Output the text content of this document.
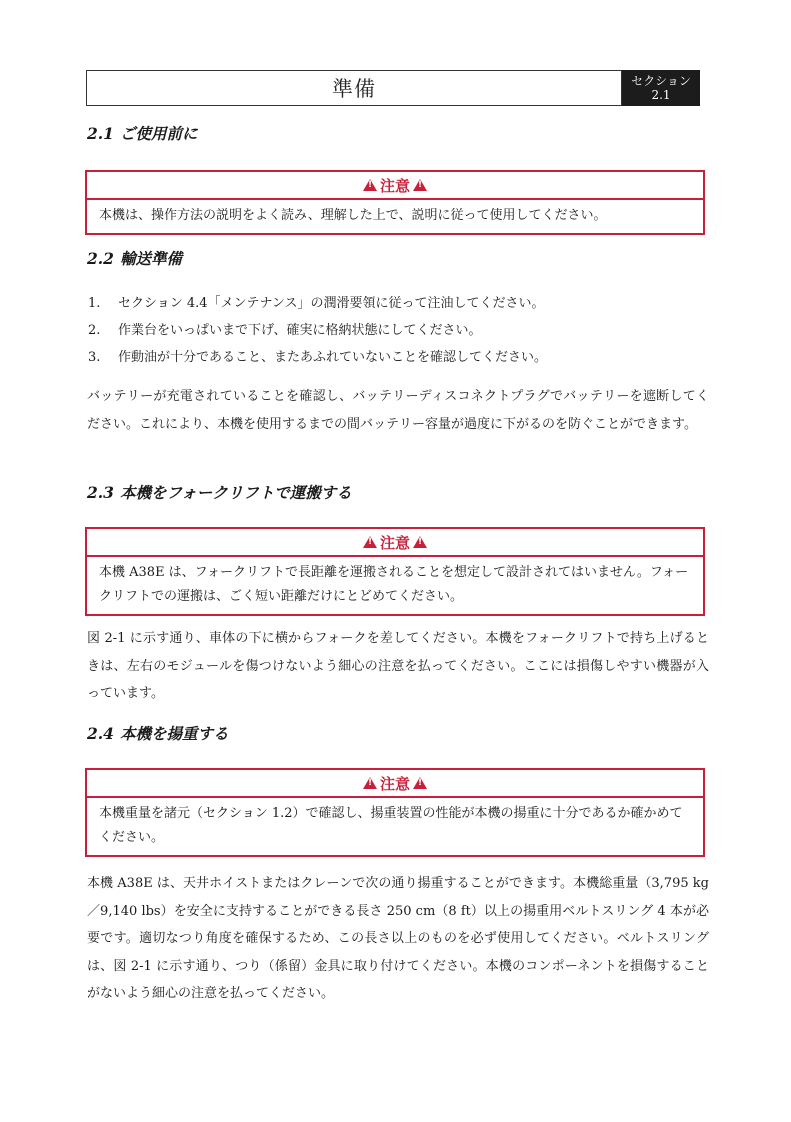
準備	セクション
2.1
2.1 ご使用前に
!
注意
!
本機は、操作方法の説明をよく読み、理解した上で、説明に従って使用してください。
2.2 輸送準備
1.	セクション 4.4「メンテナンス」の潤滑要領に従って注油してください。
2.	作業台をいっぱいまで下げ、確実に格納状態にしてください。
3.	作動油が十分であること、またあふれていないことを確認してください。
バッテリーが充電されていることを確認し、バッテリーディスコネクトプラグでバッテリーを遮断してください。これにより、本機を使用するまでの間バッテリー容量が過度に下がるのを防ぐことができます。
2.3 本機をフォークリフトで運搬する
!
注意
!
本機 A38E は、フォークリフトで長距離を運搬されることを想定して設計されてはいません。フォークリフトでの運搬は、ごく短い距離だけにとどめてください。
図 2-1 に示す通り、車体の下に横からフォークを差してください。本機をフォークリフトで持ち上げるときは、左右のモジュールを傷つけないよう細心の注意を払ってください。ここには損傷しやすい機器が入っています。
2.4 本機を揚重する
!
注意
!
本機重量を諸元（セクション 1.2）で確認し、揚重装置の性能が本機の揚重に十分であるか確かめてください。
本機 A38E は、天井ホイストまたはクレーンで次の通り揚重することができます。本機総重量（3,795 kg／9,140 lbs）を安全に支持することができる長さ 250 cm（8 ft）以上の揚重用ベルトスリング 4 本が必要です。適切なつり角度を確保するため、この長さ以上のものを必ず使用してください。ベルトスリングは、図 2-1 に示す通り、つり（係留）金具に取り付けてください。本機のコンポーネントを損傷することがないよう細心の注意を払ってください。
